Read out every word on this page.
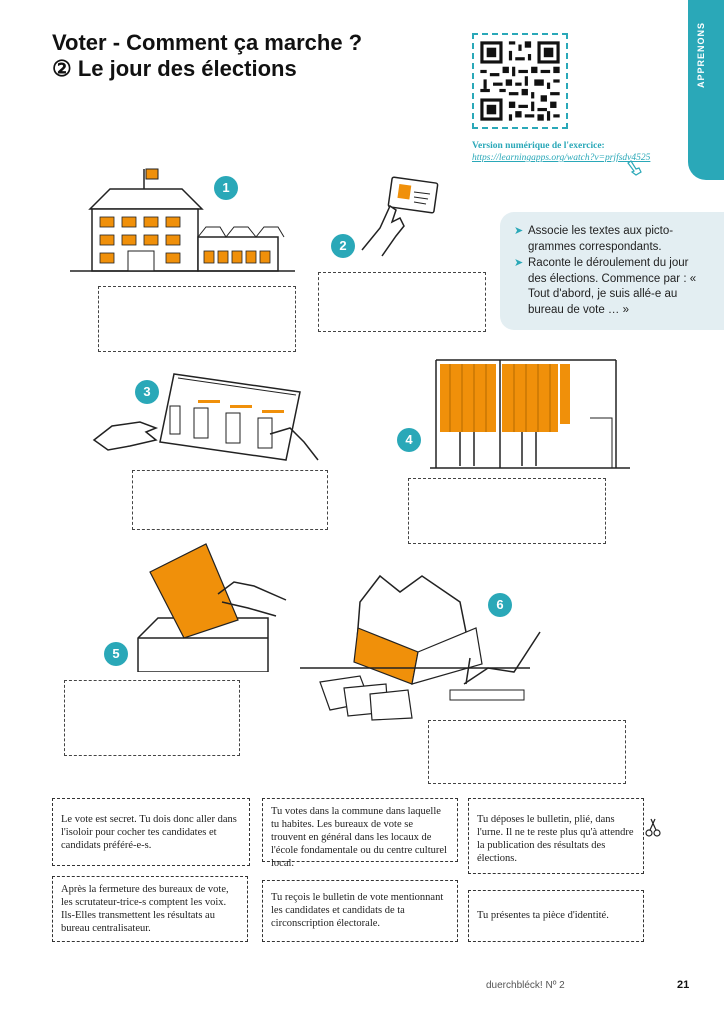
Voter - Comment ça marche ?
② Le jour des élections	APPRENONS
Version numérique de l'exercice:
https://learningapps.org/watch?v=prjfsdv4525
➤ Associe les textes aux picto-grammes correspondants.
➤ Raconte le déroulement du jour des élections. Commence par : « Tout d'abord, je suis allé-e au bureau de vote … »
1
2
3
4
5
6
Le vote est secret. Tu dois donc aller dans l'isoloir pour cocher tes candidates et candidats préféré-e-s.
Tu votes dans la commune dans laquelle tu habites. Les bureaux de vote se trouvent en général dans les locaux de l'école fondamentale ou du centre culturel local.
Tu déposes le bulletin, plié, dans l'urne. Il ne te reste plus qu'à attendre la publication des résultats des élections.
Après la fermeture des bureaux de vote, les scrutateur-trice-s comptent les voix. Ils-Elles transmettent les résultats au bureau centralisateur.
Tu reçois le bulletin de vote mentionnant les candidates et candidats de ta circonscription électorale.
Tu présentes ta pièce d'identité.
duerchbléck! Nº 2	21
